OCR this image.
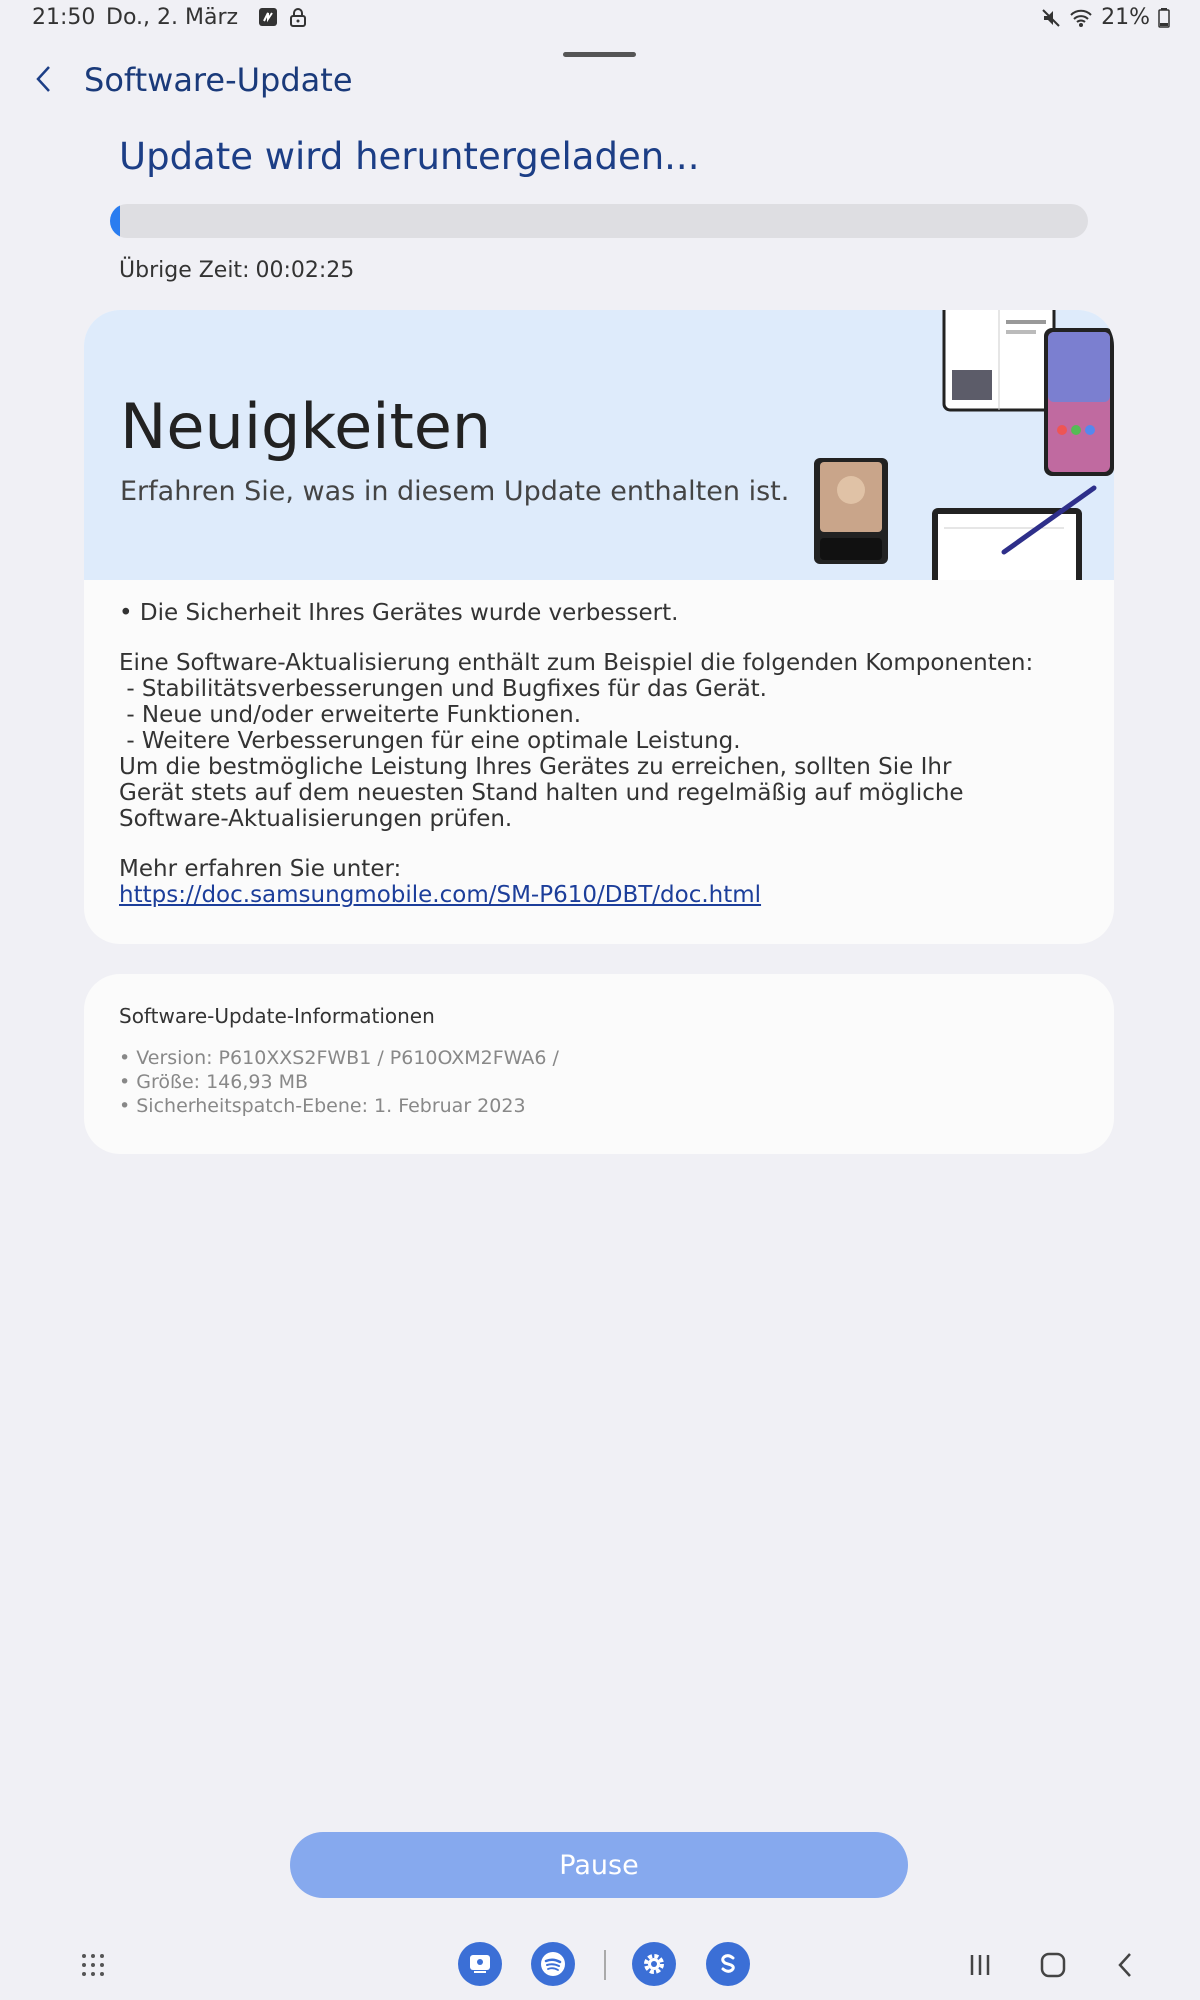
21:50 Do., 2. März	21%
Software-Update
Update wird heruntergeladen...
Übrige Zeit: 00:02:25
Neuigkeiten
Erfahren Sie, was in diesem Update enthalten ist.

• Die Sicherheit Ihres Gerätes wurde verbessert.

Eine Software-Aktualisierung enthält zum Beispiel die folgenden Komponenten:
- Stabilitätsverbesserungen und Bugfixes für das Gerät.
- Neue und/oder erweiterte Funktionen.
- Weitere Verbesserungen für eine optimale Leistung.
Um die bestmögliche Leistung Ihres Gerätes zu erreichen, sollten Sie Ihr
Gerät stets auf dem neuesten Stand halten und regelmäßig auf mögliche
Software-Aktualisierungen prüfen.

Mehr erfahren Sie unter:

https://doc.samsungmobile.com/SM-P610/DBT/doc.html

Software-Update-Informationen
• Version: P610XXS2FWB1 / P610OXM2FWA6 /
• Größe: 146,93 MB
• Sicherheitspatch-Ebene: 1. Februar 2023
Pause
